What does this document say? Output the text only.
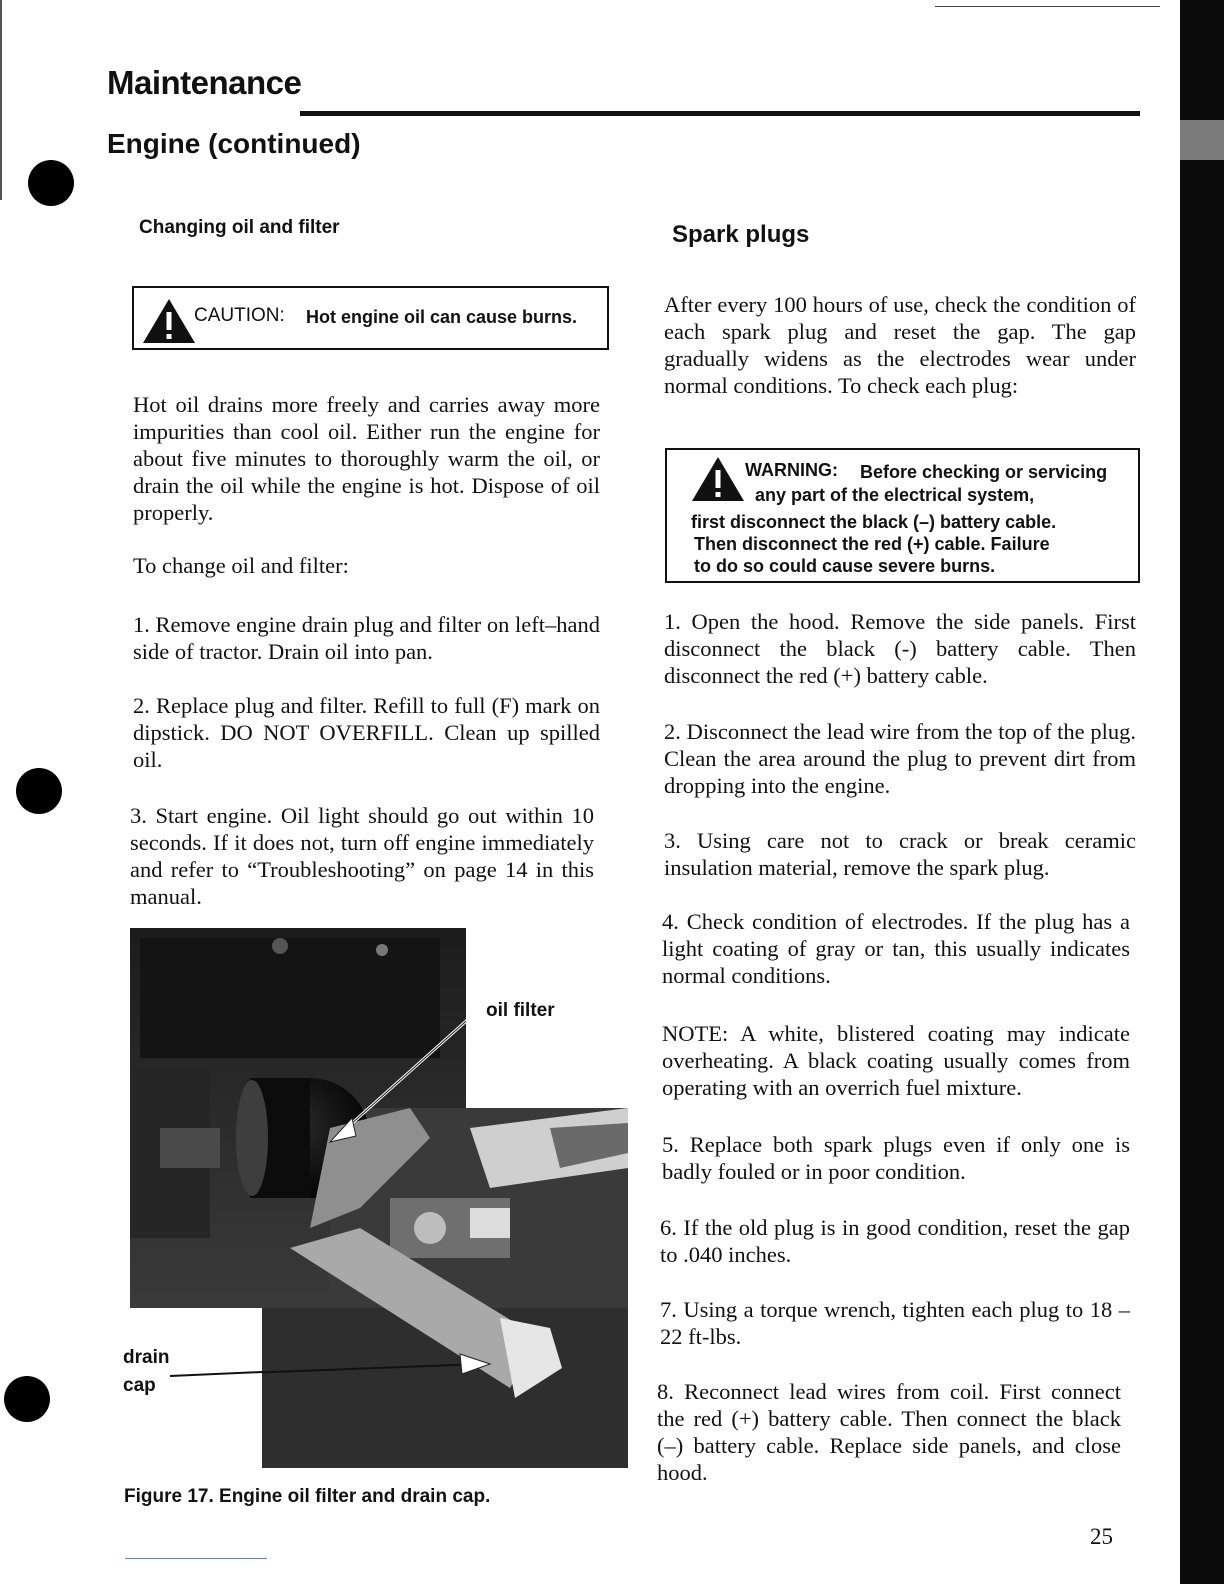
Maintenance
Engine (continued)
Changing oil and filter
CAUTION: Hot engine oil can cause burns.
Hot oil drains more freely and carries away more impurities than cool oil. Either run the engine for about five minutes to thoroughly warm the oil, or drain the oil while the engine is hot. Dispose of oil properly.
To change oil and filter:
1. Remove engine drain plug and filter on left–hand side of tractor. Drain oil into pan.
2. Replace plug and filter. Refill to full (F) mark on dipstick. DO NOT OVERFILL. Clean up spilled oil.
3. Start engine. Oil light should go out within 10 seconds. If it does not, turn off engine immediately and refer to “Troubleshooting” on page 14 in this manual.
oil filter
drain
cap
Figure 17. Engine oil filter and drain cap.
Spark plugs
After every 100 hours of use, check the condition of each spark plug and reset the gap. The gap gradually widens as the electrodes wear under normal conditions. To check each plug:
WARNING: Before checking or servicing
any part of the electrical system,
first disconnect the black (–) battery cable.
Then disconnect the red (+) cable. Failure
to do so could cause severe burns.
1. Open the hood. Remove the side panels. First disconnect the black (-) battery cable. Then disconnect the red (+) battery cable.
2. Disconnect the lead wire from the top of the plug. Clean the area around the plug to prevent dirt from dropping into the engine.
3. Using care not to crack or break ceramic insulation material, remove the spark plug.
4. Check condition of electrodes. If the plug has a light coating of gray or tan, this usually indicates normal conditions.
NOTE: A white, blistered coating may indicate overheating. A black coating usually comes from operating with an overrich fuel mixture.
5. Replace both spark plugs even if only one is badly fouled or in poor condition.
6. If the old plug is in good condition, reset the gap to .040 inches.
7. Using a torque wrench, tighten each plug to 18 – 22 ft-lbs.
8. Reconnect lead wires from coil. First connect the red (+) battery cable. Then connect the black (–) battery cable. Replace side panels, and close hood.
25
